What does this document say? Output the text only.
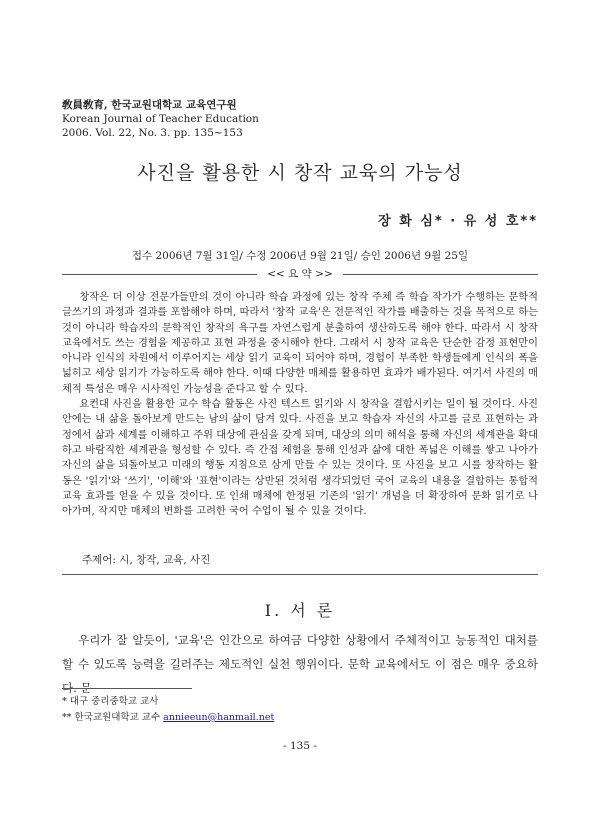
敎員敎育, 한국교원대학교 교육연구원
Korean Journal of Teacher Education
2006. Vol. 22, No. 3. pp. 135∼153
사진을 활용한 시 창작 교육의 가능성
장 화 심* · 유 성 호**
접수 2006년 7월 31일/ 수정 2006년 9월 21일/ 승인 2006년 9월 25일
<< 요 약 >>

창작은 더 이상 전문가들만의 것이 아니라 학습 과정에 있는 창작 주체 즉 학습 작가가 수행하는 문학적 글쓰기의 과정과 결과를 포함해야 하며, 따라서 '창작 교육'은 전문적인 작가를 배출하는 것을 목적으로 하는 것이 아니라 학습자의 문학적인 창작의 욕구를 자연스럽게 분출하여 생산하도록 해야 한다. 따라서 시 창작 교육에서도 쓰는 경험을 제공하고 표현 과정을 중시해야 한다. 그래서 시 창작 교육은 단순한 감정 표현만이 아니라 인식의 차원에서 이루어지는 세상 읽기 교육이 되어야 하며, 경험이 부족한 학생들에게 인식의 폭을 넓히고 세상 읽기가 가능하도록 해야 한다. 이때 다양한 매체를 활용하면 효과가 배가된다. 여기서 사진의 매체적 특성은 매우 시사적인 가능성을 준다고 할 수 있다.

요컨대 사진을 활용한 교수 학습 활동은 사진 텍스트 읽기와 시 창작을 결합시키는 일이 될 것이다. 사진 안에는 내 삶을 돌아보게 만드는 남의 삶이 담겨 있다. 사진을 보고 학습자 자신의 사고를 글로 표현하는 과정에서 삶과 세계를 이해하고 주위 대상에 관심을 갖게 되며, 대상의 의미 해석을 통해 자신의 세계관을 확대하고 바람직한 세계관을 형성할 수 있다. 즉 간접 체험을 통해 인성과 삶에 대한 폭넓은 이해를 쌓고 나아가 자신의 삶을 되돌아보고 미래의 행동 지침으로 삼게 만들 수 있는 것이다. 또 사진을 보고 시를 창작하는 활동은 '읽기'와 '쓰기', '이해'와 '표현'이라는 상반된 것처럼 생각되었던 국어 교육의 내용을 결합하는 통합적 교육 효과를 얻을 수 있을 것이다. 또 인쇄 매체에 한정된 기존의 '읽기' 개념을 더 확장하여 문화 읽기로 나아가며, 작지만 매체의 변화를 고려한 국어 수업이 될 수 있을 것이다.

주제어: 시, 창작, 교육, 사진
Ⅰ. 서 론

우리가 잘 알듯이, '교육'은 인간으로 하여금 다양한 상황에서 주체적이고 능동적인 대처를 할 수 있도록 능력을 길러주는 제도적인 실천 행위이다. 문학 교육에서도 이 점은 매우 중요하다. 문

* 대구 중리중학교 교사
** 한국교원대학교 교수 annieeun@hanmail.net
- 135 -
